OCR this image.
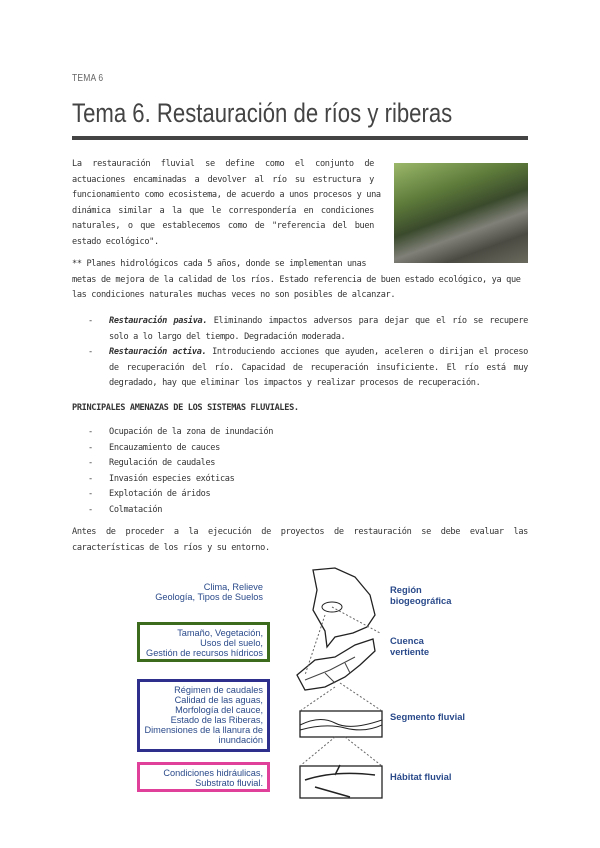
TEMA 6
Tema 6. Restauración de ríos y riberas
La restauración fluvial se define como el conjunto de
actuaciones encaminadas a devolver al río su estructura y
funcionamiento como ecosistema, de acuerdo a unos procesos y una
dinámica similar a la que le correspondería en condiciones
naturales, o que establecemos como de "referencia del buen
estado ecológico".
** Planes hidrológicos cada 5 años, donde se implementan unas
metas de mejora de la calidad de los ríos. Estado referencia de buen estado ecológico, ya que
las condiciones naturales muchas veces no son posibles de alcanzar.
- Restauración pasiva. Eliminando impactos adversos para dejar que el río se recupere
solo a lo largo del tiempo. Degradación moderada.
- Restauración activa. Introduciendo acciones que ayuden, aceleren o dirijan el proceso
de recuperación del río. Capacidad de recuperación insuficiente. El río está muy
degradado, hay que eliminar los impactos y realizar procesos de recuperación.
PRINCIPALES AMENAZAS DE LOS SISTEMAS FLUVIALES.
- Ocupación de la zona de inundación
- Encauzamiento de cauces
- Regulación de caudales
- Invasión especies exóticas
- Explotación de áridos
- Colmatación
Antes de proceder a la ejecución de proyectos de restauración se debe evaluar las
características de los ríos y su entorno.
Clima, Relieve
Geología, Tipos de Suelos
Tamaño, Vegetación,
Usos del suelo,
Gestión de recursos hídricos
Régimen de caudales
Calidad de las aguas,
Morfología del cauce,
Estado de las Riberas,
Dimensiones de la llanura de
inundación
Condiciones hidráulicas,
Substrato fluvial.
Región
biogeográfica
Cuenca
vertiente
Segmento fluvial
Hábitat fluvial
